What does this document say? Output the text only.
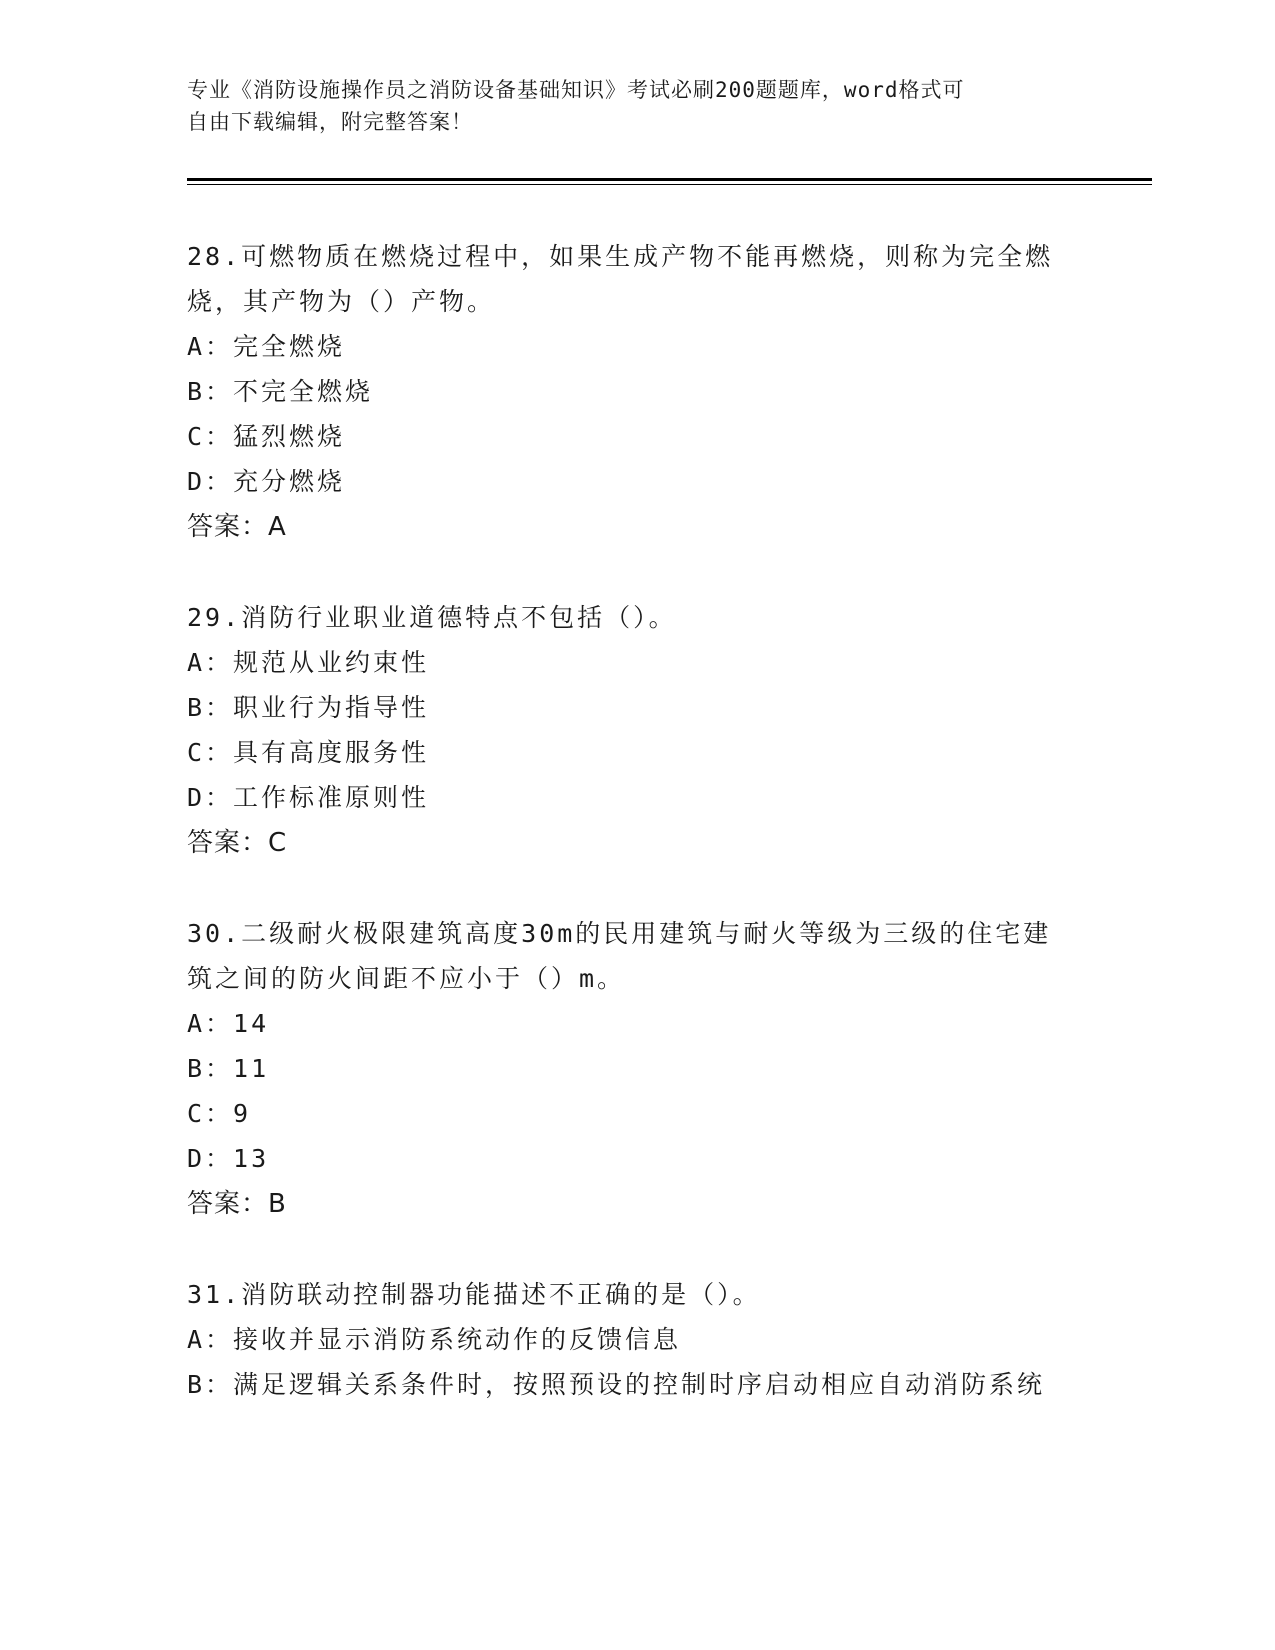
专业《消防设施操作员之消防设备基础知识》考试必刷200题题库，word格式可
自由下载编辑，附完整答案！
28.可燃物质在燃烧过程中，如果生成产物不能再燃烧，则称为完全燃烧，其产物为（）产物。
A：完全燃烧
B：不完全燃烧
C：猛烈燃烧
D：充分燃烧
答案：A
29.消防行业职业道德特点不包括（）。
A：规范从业约束性
B：职业行为指导性
C：具有高度服务性
D：工作标准原则性
答案：C
30.二级耐火极限建筑高度30m的民用建筑与耐火等级为三级的住宅建筑之间的防火间距不应小于（）m。
A：14
B：11
C：9
D：13
答案：B
31.消防联动控制器功能描述不正确的是（）。
A：接收并显示消防系统动作的反馈信息
B：满足逻辑关系条件时，按照预设的控制时序启动相应自动消防系统
